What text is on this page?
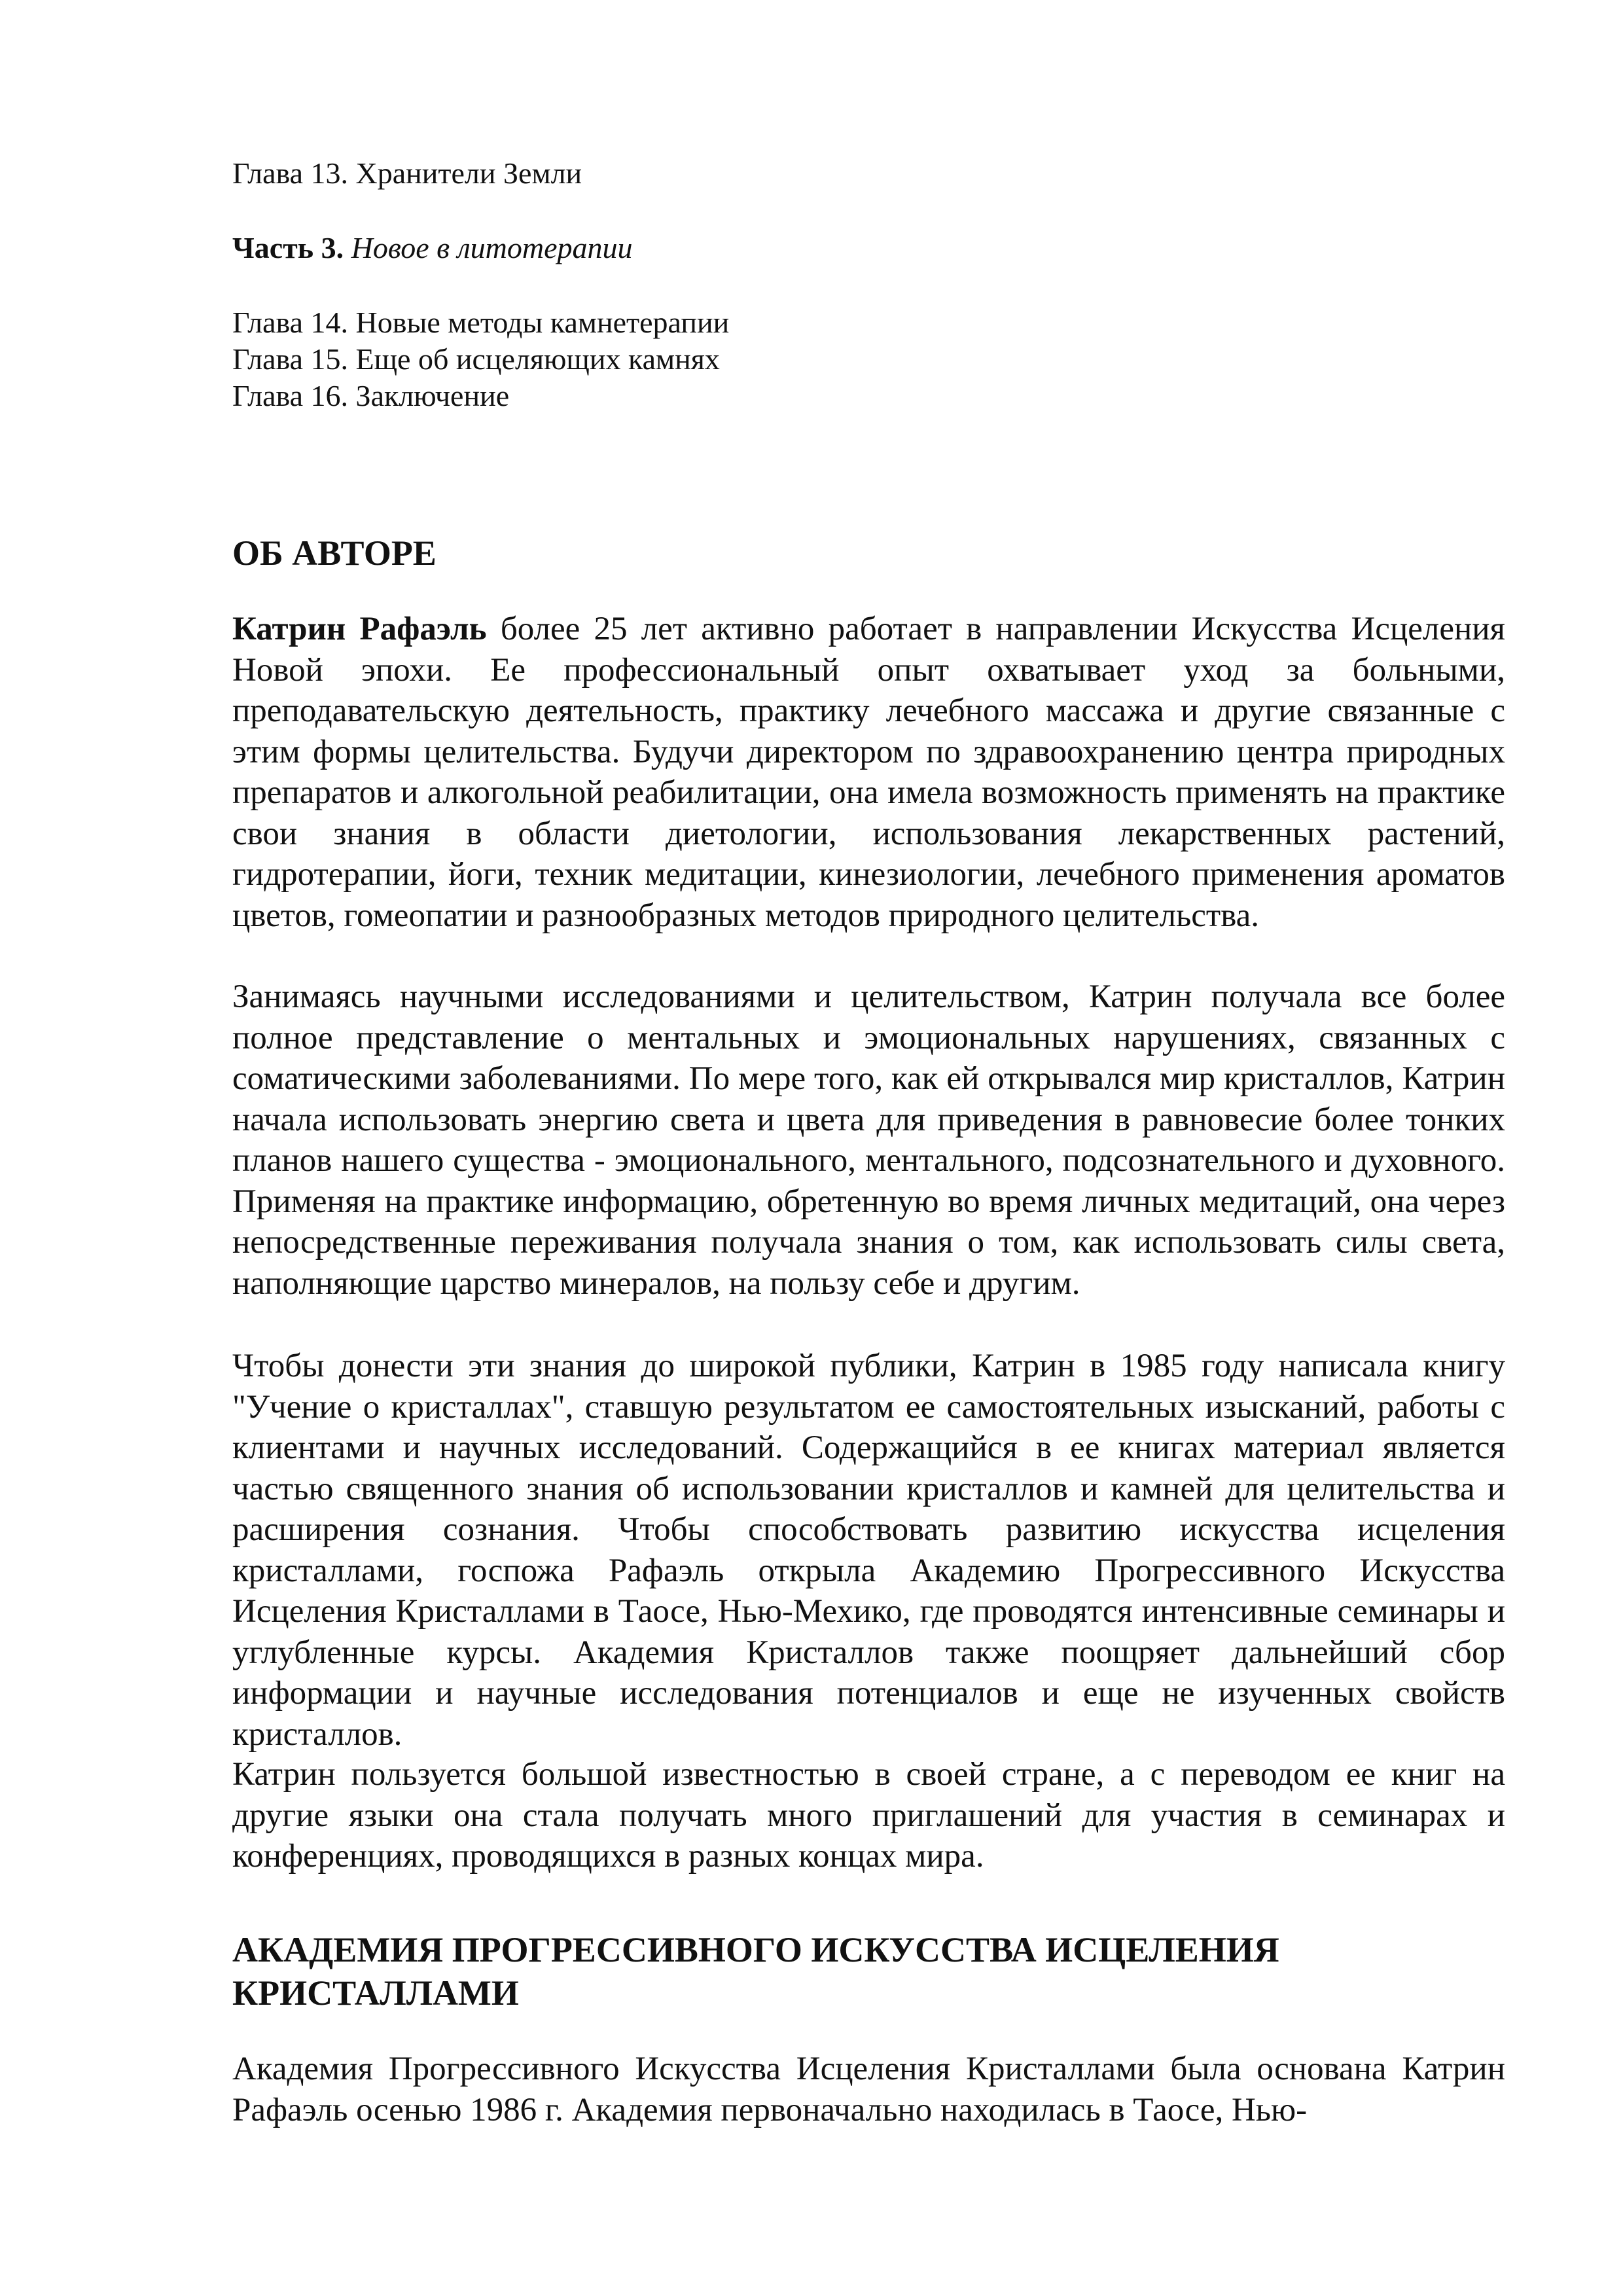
Глава 13. Хранители Земли
Часть 3. Новое в литотерапии
Глава 14. Новые методы камнетерапии
Глава 15. Еще об исцеляющих камнях
Глава 16. Заключение
ОБ АВТОРЕ
Катрин Рафаэль более 25 лет активно работает в направлении Искусства Исцеления Новой эпохи. Ее профессиональный опыт охватывает уход за больными, преподавательскую деятельность, практику лечебного массажа и другие связанные с этим формы целительства. Будучи директором по здравоохранению центра природных препаратов и алкогольной реабилитации, она имела возможность применять на практике свои знания в области диетологии, использования лекарственных растений, гидротерапии, йоги, техник медитации, кинезиологии, лечебного применения ароматов цветов, гомеопатии и разнообразных методов природного целительства.
Занимаясь научными исследованиями и целительством, Катрин получала все более полное представление о ментальных и эмоциональных нарушениях, связанных с соматическими заболеваниями. По мере того, как ей открывался мир кристаллов, Катрин начала использовать энергию света и цвета для приведения в равновесие более тонких планов нашего существа - эмоционального, ментального, подсознательного и духовного. Применяя на практике информацию, обретенную во время личных медитаций, она через непосредственные переживания получала знания о том, как использовать силы света, наполняющие царство минералов, на пользу себе и другим.
Чтобы донести эти знания до широкой публики, Катрин в 1985 году написала книгу "Учение о кристаллах", ставшую результатом ее самостоятельных изысканий, работы с клиентами и научных исследований. Содержащийся в ее книгах материал является частью священного знания об использовании кристаллов и камней для целительства и расширения сознания. Чтобы способствовать развитию искусства исцеления кристаллами, госпожа Рафаэль открыла Академию Прогрессивного Искусства Исцеления Кристаллами в Таосе, Нью-Мехико, где проводятся интенсивные семинары и углубленные курсы. Академия Кристаллов также поощряет дальнейший сбор информации и научные исследования потенциалов и еще не изученных свойств кристаллов.
Катрин пользуется большой известностью в своей стране, а с переводом ее книг на другие языки она стала получать много приглашений для участия в семинарах и конференциях, проводящихся в разных концах мира.
АКАДЕМИЯ ПРОГРЕССИВНОГО ИСКУССТВА ИСЦЕЛЕНИЯ КРИСТАЛЛАМИ
Академия Прогрессивного Искусства Исцеления Кристаллами была основана Катрин Рафаэль осенью 1986 г. Академия первоначально находилась в Таосе, Нью-
